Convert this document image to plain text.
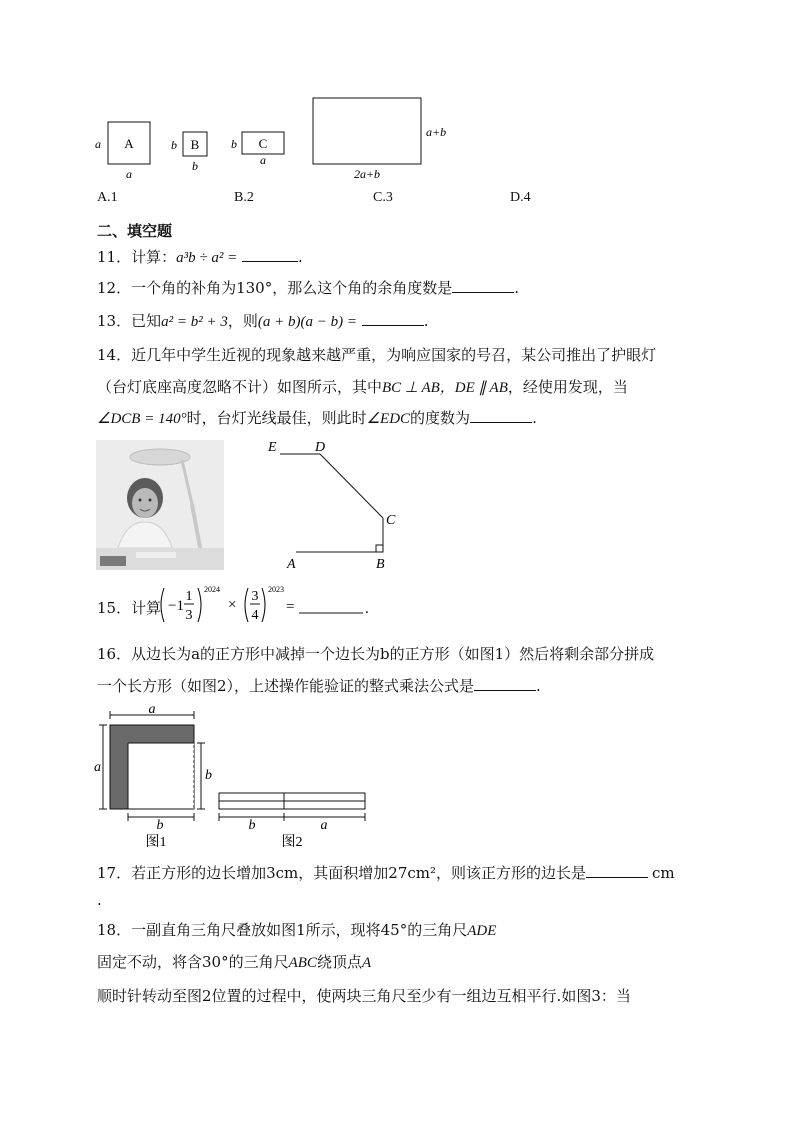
A
a
a
B
b
b
C
b
a
a+b
2a+b
A.1	B.2	C.3	D.4
二、填空题
11．计算：a³b ÷ a² =	.
12．一个角的补角为130°，那么这个角的余角度数是	.
13．已知a² = b² + 3，则(a + b)(a − b) =	.
14．近几年中学生近视的现象越来越严重，为响应国家的号召，某公司推出了护眼灯
（台灯底座高度忽略不计）如图所示，其中BC ⊥ AB，DE ∥ AB，经使用发现，当
∠DCB = 140°时，台灯光线最佳，则此时∠EDC的度数为	.
E	D
C
A	B
15．计算 −1
1
3
2024
×
3
4
2023
=	.
16．从边长为a的正方形中减掉一个边长为b的正方形（如图1）然后将剩余部分拼成
一个长方形（如图2），上述操作能验证的整式乘法公式是	.
a
a
b
b
图1
b	a
图2
17．若正方形的边长增加3cm，其面积增加27cm²，则该正方形的边长是	cm
.
18．一副直角三角尺叠放如图1所示，现将45°的三角尺ADE
固定不动，将含30°的三角尺ABC绕顶点A
顺时针转动至图2位置的过程中，使两块三角尺至少有一组边互相平行.如图3：当
